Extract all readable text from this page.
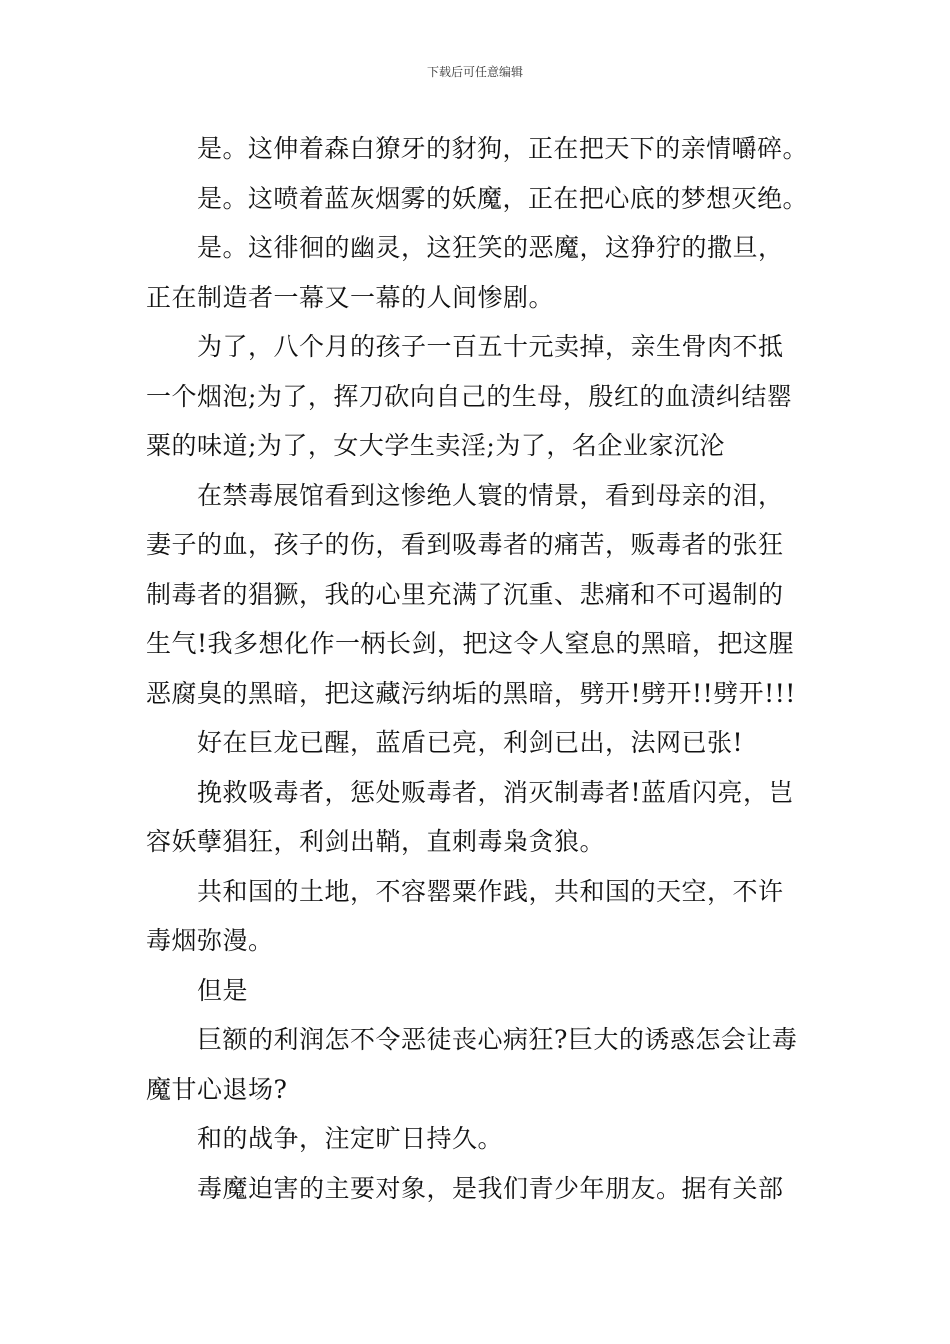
下载后可任意编辑
是。这伸着森白獠牙的豺狗，正在把天下的亲情嚼碎。
是。这喷着蓝灰烟雾的妖魔，正在把心底的梦想灭绝。
是。这徘徊的幽灵，这狂笑的恶魔，这狰狞的撒旦，
正在制造者一幕又一幕的人间惨剧。
为了，八个月的孩子一百五十元卖掉，亲生骨肉不抵
一个烟泡;为了，挥刀砍向自己的生母，殷红的血渍纠结罂
粟的味道;为了，女大学生卖淫;为了，名企业家沉沦
在禁毒展馆看到这惨绝人寰的情景，看到母亲的泪，
妻子的血，孩子的伤，看到吸毒者的痛苦，贩毒者的张狂
制毒者的猖獗，我的心里充满了沉重、悲痛和不可遏制的
生气!我多想化作一柄长剑，把这令人窒息的黑暗，把这腥
恶腐臭的黑暗，把这藏污纳垢的黑暗，劈开!劈开!!劈开!!!
好在巨龙已醒，蓝盾已亮，利剑已出，法网已张!
挽救吸毒者，惩处贩毒者，消灭制毒者!蓝盾闪亮，岂
容妖孽猖狂，利剑出鞘，直刺毒枭贪狼。
共和国的土地，不容罂粟作践，共和国的天空，不许
毒烟弥漫。
但是
巨额的利润怎不令恶徒丧心病狂?巨大的诱惑怎会让毒
魔甘心退场?
和的战争，注定旷日持久。
毒魔迫害的主要对象，是我们青少年朋友。据有关部
